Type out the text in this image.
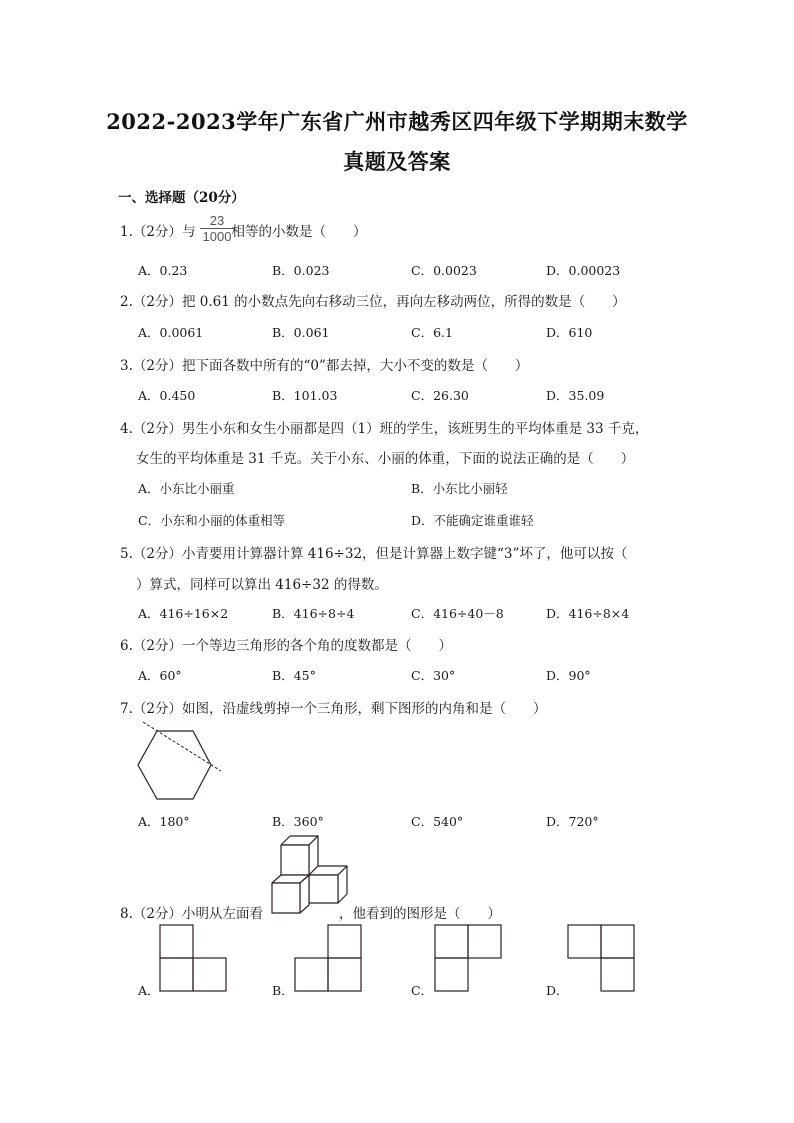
2022-2023学年广东省广州市越秀区四年级下学期期末数学
真题及答案
一、选择题（20分）
1.（2分）与	相等的小数是（　　）
$\frac{23}{1000}$
A．0.23	B．0.023	C．0.0023	D．0.00023
2.（2分）把 0.61 的小数点先向右移动三位，再向左移动两位，所得的数是（　　）
A．0.0061	B．0.061	C．6.1	D．610
3.（2分）把下面各数中所有的“0”都去掉，大小不变的数是（　　）
A．0.450	B．101.03	C．26.30	D．35.09
4.（2分）男生小东和女生小丽都是四（1）班的学生，该班男生的平均体重是 33 千克，
女生的平均体重是 31 千克。关于小东、小丽的体重，下面的说法正确的是（　　）
A．小东比小丽重	B．小东比小丽轻
C．小东和小丽的体重相等	D．不能确定谁重谁轻
5.（2分）小青要用计算器计算 416÷32，但是计算器上数字键“3”坏了，他可以按（
）算式，同样可以算出 416÷32 的得数。
A．416÷16×2	B．416÷8÷4	C．416÷40－8	D．416÷8×4
6.（2分）一个等边三角形的各个角的度数都是（　　）
A．60°	B．45°	C．30°	D．90°
7.（2分）如图，沿虚线剪掉一个三角形，剩下图形的内角和是（　　）
A．180°	B．360°	C．540°	D．720°
8.（2分）小明从左面看	，他看到的图形是（　　）
A．	B．	C．	D．
